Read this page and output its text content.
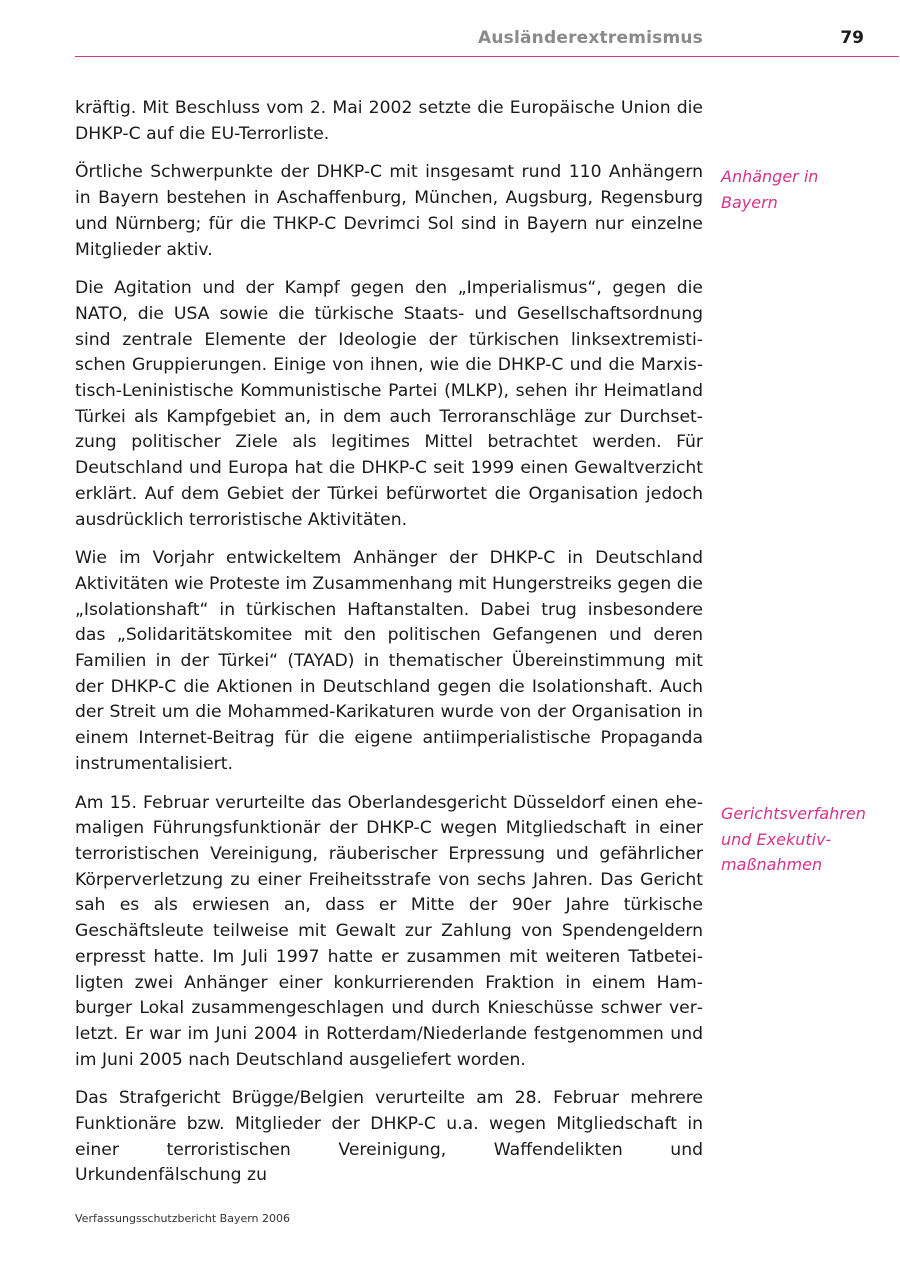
Ausländerextremismus	79

kräftig. Mit Beschluss vom 2. Mai 2002 setzte die Europäische Union die DHKP-C auf die EU-Terrorliste.

Örtliche Schwerpunkte der DHKP-C mit insgesamt rund 110 Anhängern in Bayern bestehen in Aschaffenburg, München, Augsburg, Regensburg und Nürnberg; für die THKP-C Devrimci Sol sind in Bayern nur einzelne Mitglieder aktiv.

Die Agitation und der Kampf gegen den „Imperialismus“, gegen die NATO, die USA sowie die türkische Staats- und Gesellschaftsordnung sind zentrale Elemente der Ideologie der türkischen linksextremistischen Gruppierungen. Einige von ihnen, wie die DHKP-C und die Marxistisch-Leninistische Kommunistische Partei (MLKP), sehen ihr Heimatland Türkei als Kampfgebiet an, in dem auch Terroranschläge zur Durchsetzung politischer Ziele als legitimes Mittel betrachtet werden. Für Deutschland und Europa hat die DHKP-C seit 1999 einen Gewaltverzicht erklärt. Auf dem Gebiet der Türkei befürwortet die Organisation jedoch ausdrücklich terroristische Aktivitäten.

Wie im Vorjahr entwickeltem Anhänger der DHKP-C in Deutschland Aktivitäten wie Proteste im Zusammenhang mit Hungerstreiks gegen die „Isolationshaft“ in türkischen Haftanstalten. Dabei trug insbesondere das „Solidaritätskomitee mit den politischen Gefangenen und deren Familien in der Türkei“ (TAYAD) in thematischer Übereinstimmung mit der DHKP-C die Aktionen in Deutschland gegen die Isolationshaft. Auch der Streit um die Mohammed-Karikaturen wurde von der Organisation in einem Internet-Beitrag für die eigene antiimperialistische Propaganda instrumentalisiert.

Am 15. Februar verurteilte das Oberlandesgericht Düsseldorf einen ehemaligen Führungsfunktionär der DHKP-C wegen Mitgliedschaft in einer terroristischen Vereinigung, räuberischer Erpressung und gefährlicher Körperverletzung zu einer Freiheitsstrafe von sechs Jahren. Das Gericht sah es als erwiesen an, dass er Mitte der 90er Jahre türkische Geschäftsleute teilweise mit Gewalt zur Zahlung von Spendengeldern erpresst hatte. Im Juli 1997 hatte er zusammen mit weiteren Tatbeteiligten zwei Anhänger einer konkurrierenden Fraktion in einem Hamburger Lokal zusammengeschlagen und durch Knieschüsse schwer verletzt. Er war im Juni 2004 in Rotterdam/Niederlande festgenommen und im Juni 2005 nach Deutschland ausgeliefert worden.

Das Strafgericht Brügge/Belgien verurteilte am 28. Februar mehrere Funktionäre bzw. Mitglieder der DHKP-C u.a. wegen Mitgliedschaft in einer terroristischen Vereinigung, Waffendelikten und Urkundenfälschung zu

Anhänger in
Bayern
Gerichtsverfahren
und Exekutiv-
maßnahmen
Verfassungsschutzbericht Bayern 2006
